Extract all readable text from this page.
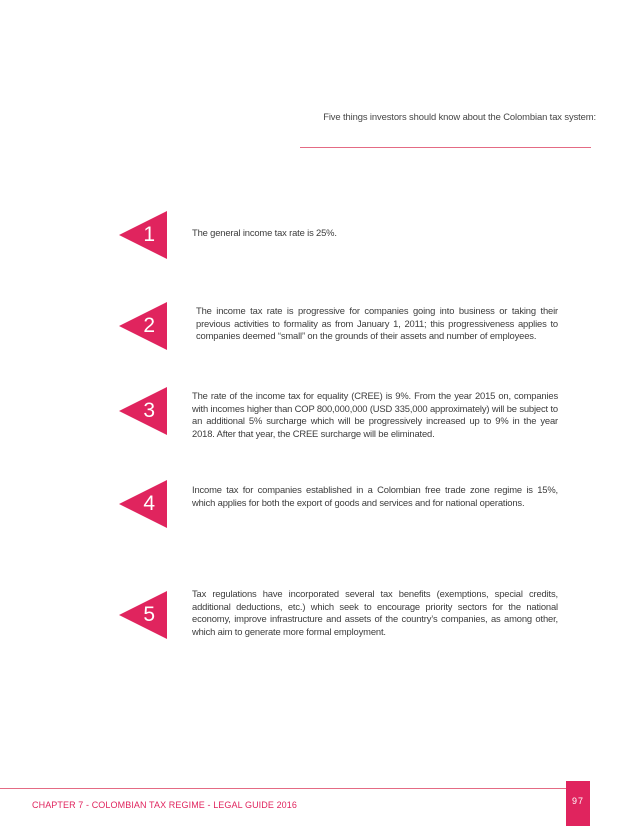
Five things investors should know about the Colombian tax system:
1	The general income tax rate is 25%.
2
The income tax rate is progressive for companies going into business or taking their previous activities to formality as from January 1, 2011; this progressiveness applies to companies deemed “small” on the grounds of their assets and number of employees.
3
The rate of the income tax for equality (CREE) is 9%. From the year 2015 on, companies with incomes higher than COP 800,000,000 (USD 335,000 approximately) will be subject to an additional 5% surcharge which will be progressively increased up to 9% in the year 2018. After that year, the CREE surcharge will be eliminated.
4
Income tax for companies established in a Colombian free trade zone regime is 15%, which applies for both the export of goods and services and for national operations.
5
Tax regulations have incorporated several tax benefits (exemptions, special credits, additional deductions, etc.) which seek to encourage priority sectors for the national economy, improve infrastructure and assets of the country’s companies, as among other, which aim to generate more formal employment.
CHAPTER 7 - COLOMBIAN TAX REGIME - LEGAL GUIDE 2016	97
